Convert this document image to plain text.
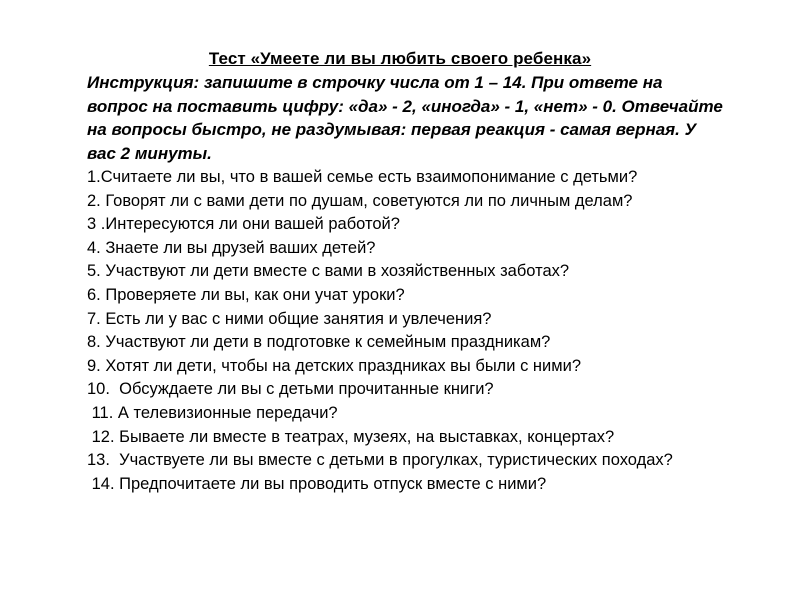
Тест «Умеете ли вы любить своего ребенка»

Инструкция: запишите в строчку числа от 1 – 14. При ответе на вопрос на поставить цифру: «да» - 2, «иногда» - 1, «нет» - 0. Отвечайте на вопросы быстро, не раздумывая: первая реакция - самая верная. У вас 2 минуты.

1.Считаете ли вы, что в вашей семье есть взаимопонимание с детьми?
2. Говорят ли с вами дети по душам, советуются ли по личным делам?
3 .Интересуются ли они вашей работой?
4. Знаете ли вы друзей ваших детей?
5. Участвуют ли дети вместе с вами в хозяйственных заботах?
6. Проверяете ли вы, как они учат уроки?
7. Есть ли у вас с ними общие занятия и увлечения?
8. Участвуют ли дети в подготовке к семейным праздникам?
9. Хотят ли дети, чтобы на детских праздниках вы были с ними?
10.  Обсуждаете ли вы с детьми прочитанные книги?
11. А телевизионные передачи?
12. Бываете ли вместе в театрах, музеях, на выставках, концертах?
13.  Участвуете ли вы вместе с детьми в прогулках, туристических походах?
14. Предпочитаете ли вы проводить отпуск вместе с ними?
